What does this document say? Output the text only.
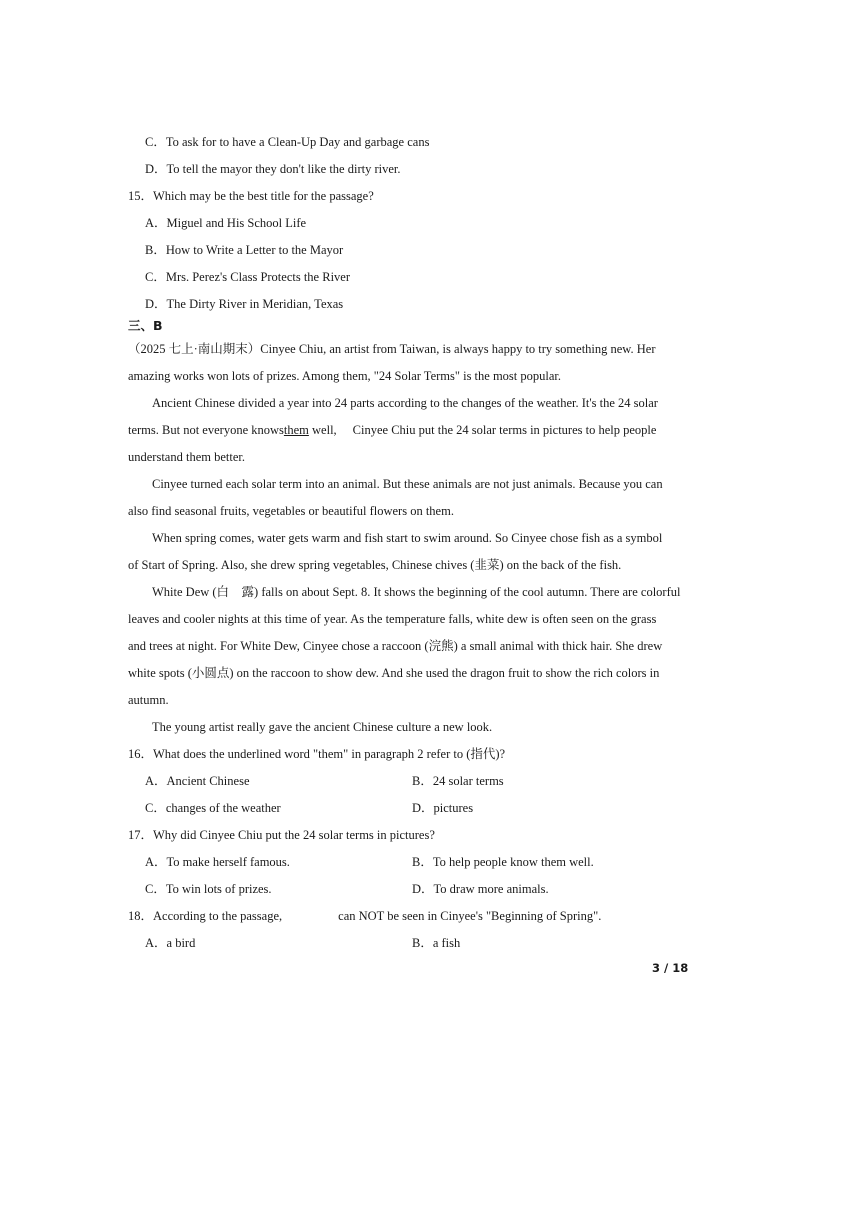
C．To ask for to have a Clean-Up Day and garbage cans
D．To tell the mayor they don't like the dirty river.
15．Which may be the best title for the passage?
A．Miguel and His School Life
B．How to Write a Letter to the Mayor
C．Mrs. Perez's Class Protects the River
D．The Dirty River in Meridian, Texas
三、B
（2025 七上·南山期末）Cinyee Chiu, an artist from Taiwan, is always happy to try something new. Her
amazing works won lots of prizes. Among them, "24 Solar Terms" is the most popular.
Ancient Chinese divided a year into 24 parts according to the changes of the weather. It's the 24 solar
terms. But not everyone knowsthem well, Cinyee Chiu put the 24 solar terms in pictures to help people
understand them better.
Cinyee turned each solar term into an animal. But these animals are not just animals. Because you can
also find seasonal fruits, vegetables or beautiful flowers on them.
When spring comes, water gets warm and fish start to swim around. So Cinyee chose fish as a symbol
of Start of Spring. Also, she drew spring vegetables, Chinese chives (韭菜) on the back of the fish.
White Dew (白　露) falls on about Sept. 8. It shows the beginning of the cool autumn. There are colorful
leaves and cooler nights at this time of year. As the temperature falls, white dew is often seen on the grass
and trees at night. For White Dew, Cinyee chose a raccoon (浣熊) a small animal with thick hair. She drew
white spots (小圆点) on the raccoon to show dew. And she used the dragon fruit to show the rich colors in
autumn.
The young artist really gave the ancient Chinese culture a new look.
16．What does the underlined word "them" in paragraph 2 refer to (指代)?
A．Ancient Chinese	B．24 solar terms
C．changes of the weather	D．pictures
17．Why did Cinyee Chiu put the 24 solar terms in pictures?
A．To make herself famous.	B．To help people know them well.
C．To win lots of prizes.	D．To draw more animals.
18．According to the passage,	can NOT be seen in Cinyee's "Beginning of Spring".
A．a bird	B．a fish
3 / 18
